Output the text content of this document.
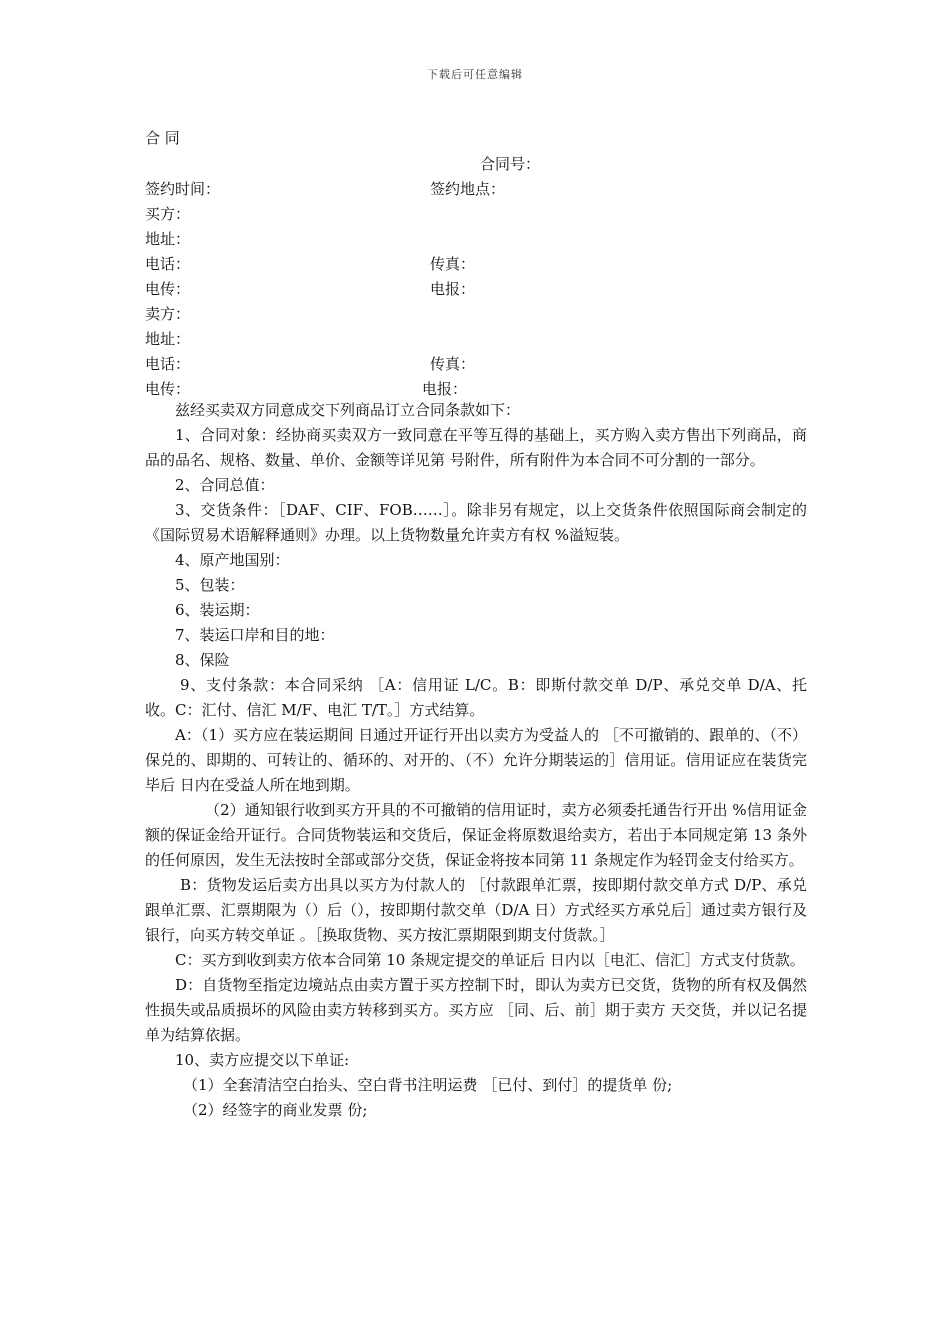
下载后可任意编辑
合 同
合同号：
签约时间：	签约地点：
买方：
地址：
电话：	传真：
电传：	电报：
卖方：
地址：
电话：	传真：
电传：	电报：

兹经买卖双方同意成交下列商品订立合同条款如下：

1、合同对象：经协商买卖双方一致同意在平等互得的基础上，买方购入卖方售出下列商品，商品的品名、规格、数量、单价、金额等详见第 号附件，所有附件为本合同不可分割的一部分。

2、合同总值：

3、交货条件：［DAF、CIF、FOB……］。除非另有规定，以上交货条件依照国际商会制定的《国际贸易术语解释通则》办理。以上货物数量允许卖方有权 %溢短装。

4、原产地国别：

5、包装：

6、装运期：

7、装运口岸和目的地：

8、保险

9、支付条款：本合同采纳 ［A：信用证 L/C。B：即斯付款交单 D/P、承兑交单 D/A、托收。C：汇付、信汇 M/F、电汇 T/T。］方式结算。

A：（1）买方应在装运期间 日通过开证行开出以卖方为受益人的 ［不可撤销的、跟单的、（不）保兑的、即期的、可转让的、循环的、对开的、（不）允许分期装运的］信用证。信用证应在装货完毕后 日内在受益人所在地到期。

（2）通知银行收到买方开具的不可撤销的信用证时，卖方必须委托通告行开出 %信用证金额的保证金给开证行。合同货物装运和交货后，保证金将原数退给卖方，若出于本同规定第 13 条外的任何原因，发生无法按时全部或部分交货，保证金将按本同第 11 条规定作为轻罚金支付给买方。

B：货物发运后卖方出具以买方为付款人的 ［付款跟单汇票，按即期付款交单方式 D/P、承兑跟单汇票、汇票期限为（）后（），按即期付款交单（D/A 日）方式经买方承兑后］通过卖方银行及 银行，向买方转交单证 。［换取货物、买方按汇票期限到期支付货款。］

C：买方到收到卖方依本合同第 10 条规定提交的单证后 日内以［电汇、信汇］方式支付货款。

D：自货物至指定边境站点由卖方置于买方控制下时，即认为卖方已交货，货物的所有权及偶然性损失或品质损坏的风险由卖方转移到买方。买方应 ［同、后、前］期于卖方 天交货，并以记名提单为结算依据。

10、卖方应提交以下单证:

（1）全套清洁空白抬头、空白背书注明运费 ［已付、到付］的提货单 份;

（2）经签字的商业发票 份;
